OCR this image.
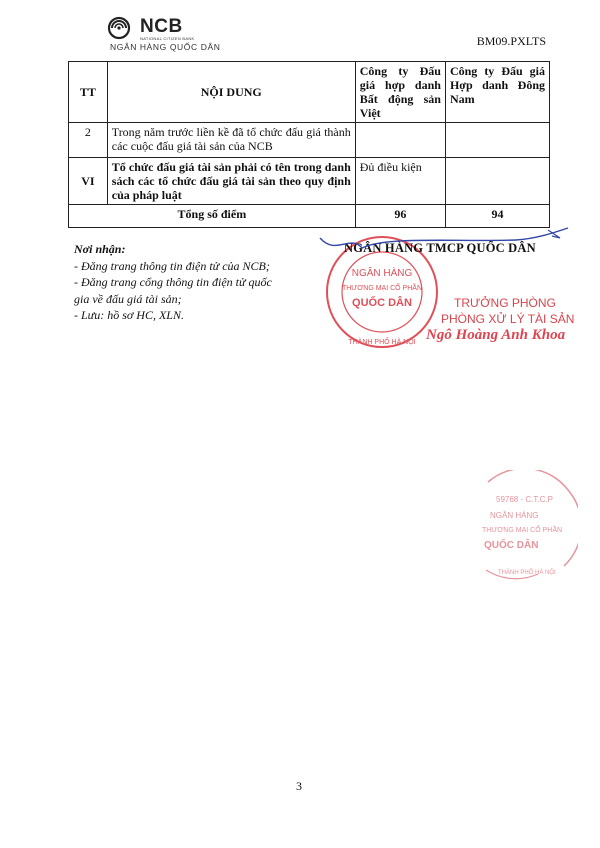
NCB
NATIONAL CITIZEN BANK
NGÂN HÀNG QUỐC DÂN	BM09.PXLTS
TT	NỘI DUNG	Công ty Đấu giá hợp danh Bất động sản Việt	Công ty Đấu giá Hợp danh Đông Nam
2	Trong năm trước liền kề đã tổ chức đấu giá thành các cuộc đấu giá tài sản của NCB		
VI	Tổ chức đấu giá tài sản phải có tên trong danh sách các tổ chức đấu giá tài sản theo quy định của pháp luật	Đủ điều kiện	
Tổng số điểm		96	94
Nơi nhận:
- Đăng trang thông tin điện tử của NCB;
- Đăng trang cổng thông tin điện tử quốc gia về đấu giá tài sản;
- Lưu: hồ sơ HC, XLN.
NGÂN HÀNG
THƯƠNG MẠI CỔ PHẦN
QUỐC DÂN
THÀNH PHỐ HÀ NỘI
NGÂN HÀNG TMCP QUỐC DÂN
TRƯỞNG PHÒNG
PHÒNG XỬ LÝ TÀI SẢN
Ngô Hoàng Anh Khoa
59768 - C.T.C.P
NGÂN HÀNG
THƯƠNG MẠI CỔ PHẦN
QUỐC DÂN
THÀNH PHỐ HÀ NỘI
3
